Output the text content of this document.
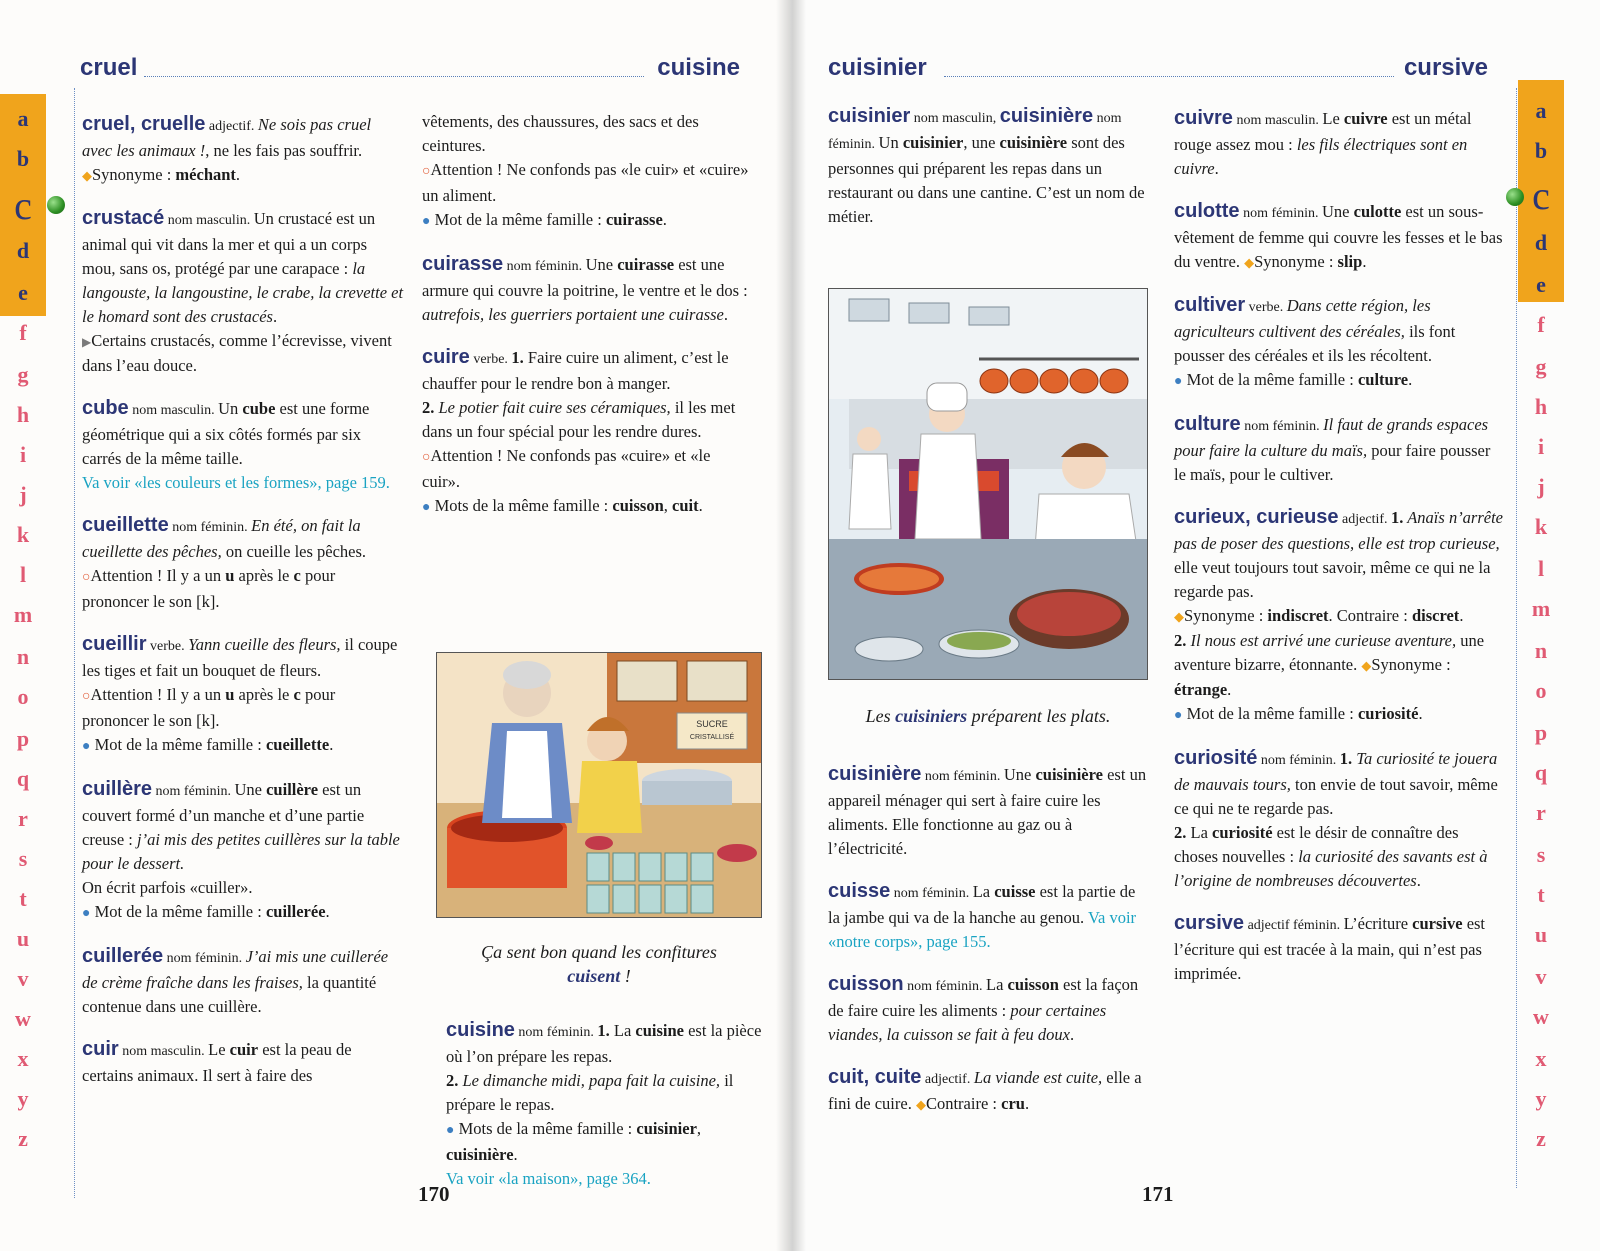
cruel	cuisine
a
b
c
d
e
f
g
h
i
j
k
l
m
n
o
p
q
r
s
t
u
v
w
x
y
z

cruel, cruelle adjectif. Ne sois pas cruel avec les animaux !, ne les fais pas souffrir. ◆Synonyme : méchant.

crustacé nom masculin. Un crustacé est un animal qui vit dans la mer et qui a un corps mou, sans os, protégé par une carapace : la langouste, la langoustine, le crabe, la crevette et le homard sont des crustacés.

▶Certains crustacés, comme l’écrevisse, vivent dans l’eau douce.

cube nom masculin. Un cube est une forme géométrique qui a six côtés formés par six carrés de la même taille.

Va voir «les couleurs et les formes», page 159.

cueillette nom féminin. En été, on fait la cueillette des pêches, on cueille les pêches.

○Attention ! Il y a un u après le c pour prononcer le son [k].

cueillir verbe. Yann cueille des fleurs, il coupe les tiges et fait un bouquet de fleurs.

○Attention ! Il y a un u après le c pour prononcer le son [k].

● Mot de la même famille : cueillette.

cuillère nom féminin. Une cuillère est un couvert formé d’un manche et d’une partie creuse : j’ai mis des petites cuillères sur la table pour le dessert.

On écrit parfois «cuiller».

● Mot de la même famille : cuillerée.

cuillerée nom féminin. J’ai mis une cuillerée de crème fraîche dans les fraises, la quantité contenue dans une cuillère.

cuir nom masculin. Le cuir est la peau de certains animaux. Il sert à faire des

vêtements, des chaussures, des sacs et des ceintures.

○Attention ! Ne confonds pas «le cuir» et «cuire» un aliment.

● Mot de la même famille : cuirasse.

cuirasse nom féminin. Une cuirasse est une armure qui couvre la poitrine, le ventre et le dos : autrefois, les guerriers portaient une cuirasse.

cuire verbe. 1. Faire cuire un aliment, c’est le chauffer pour le rendre bon à manger.

2. Le potier fait cuire ses céramiques, il les met dans un four spécial pour les rendre dures.

○Attention ! Ne confonds pas «cuire» et «le cuir».

● Mots de la même famille : cuisson, cuit.

SUCRE
CRISTALLISÉ
Ça sent bon quand les confitures
cuisent !

cuisine nom féminin. 1. La cuisine est la pièce où l’on prépare les repas.

2. Le dimanche midi, papa fait la cuisine, il prépare le repas.

● Mots de la même famille : cuisinier, cuisinière.

Va voir «la maison», page 364.

170
cuisinier	cursive

cuisinier nom masculin, cuisinière nom féminin. Un cuisinier, une cuisinière sont des personnes qui préparent les repas dans un restaurant ou dans une cantine. C’est un nom de métier.

Les cuisiniers préparent les plats.

cuisinière nom féminin. Une cuisinière est un appareil ménager qui sert à faire cuire les aliments. Elle fonctionne au gaz ou à l’électricité.

cuisse nom féminin. La cuisse est la partie de la jambe qui va de la hanche au genou. Va voir «notre corps», page 155.

cuisson nom féminin. La cuisson est la façon de faire cuire les aliments : pour certaines viandes, la cuisson se fait à feu doux.

cuit, cuite adjectif. La viande est cuite, elle a fini de cuire. ◆Contraire : cru.

cuivre nom masculin. Le cuivre est un métal rouge assez mou : les fils électriques sont en cuivre.

culotte nom féminin. Une culotte est un sous-vêtement de femme qui couvre les fesses et le bas du ventre. ◆Synonyme : slip.

cultiver verbe. Dans cette région, les agriculteurs cultivent des céréales, ils font pousser des céréales et ils les récoltent.

● Mot de la même famille : culture.

culture nom féminin. Il faut de grands espaces pour faire la culture du maïs, pour faire pousser le maïs, pour le cultiver.

curieux, curieuse adjectif. 1. Anaïs n’arrête pas de poser des questions, elle est trop curieuse, elle veut toujours tout savoir, même ce qui ne la regarde pas.

◆Synonyme : indiscret. Contraire : discret.

2. Il nous est arrivé une curieuse aventure, une aventure bizarre, étonnante. ◆Synonyme : étrange.

● Mot de la même famille : curiosité.

curiosité nom féminin. 1. Ta curiosité te jouera de mauvais tours, ton envie de tout savoir, même ce qui ne te regarde pas.

2. La curiosité est le désir de connaître des choses nouvelles : la curiosité des savants est à l’origine de nombreuses découvertes.

cursive adjectif féminin. L’écriture cursive est l’écriture qui est tracée à la main, qui n’est pas imprimée.

a
b
c
d
e
f
g
h
i
j
k
l
m
n
o
p
q
r
s
t
u
v
w
x
y
z
171
